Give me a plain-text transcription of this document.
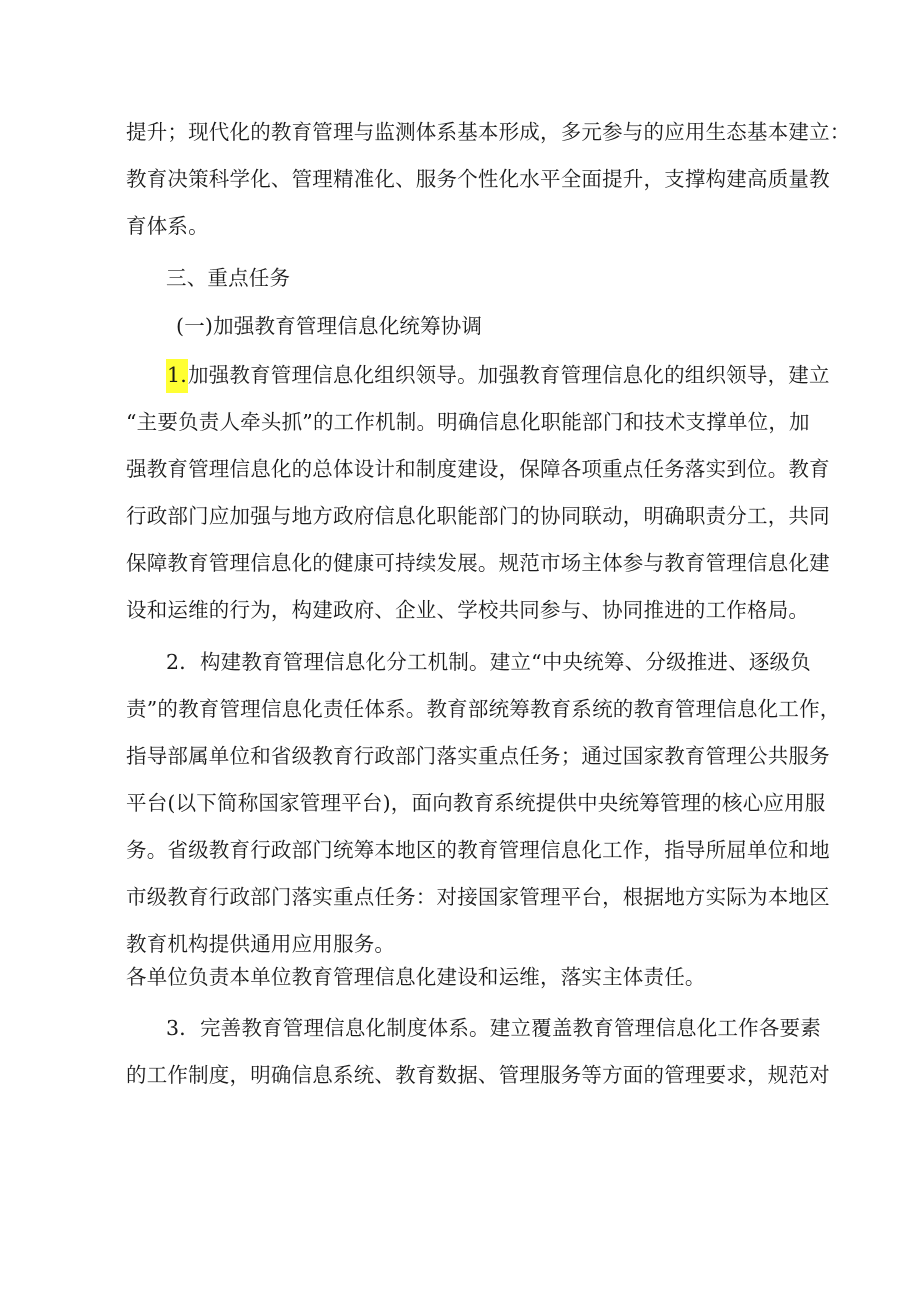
提升；现代化的教育管理与监测体系基本形成，多元参与的应用生态基本建立：
教育决策科学化、管理精准化、服务个性化水平全面提升，支撑构建高质量教
育体系。
三、重点任务
(一)加强教育管理信息化统筹协调
1.加强教育管理信息化组织领导。加强教育管理信息化的组织领导，建立
“主要负责人牵头抓”的工作机制。明确信息化职能部门和技术支撑单位，加
强教育管理信息化的总体设计和制度建设，保障各项重点任务落实到位。教育
行政部门应加强与地方政府信息化职能部门的协同联动，明确职责分工，共同
保障教育管理信息化的健康可持续发展。规范市场主体参与教育管理信息化建
设和运维的行为，构建政府、企业、学校共同参与、协同推进的工作格局。
2．构建教育管理信息化分工机制。建立“中央统筹、分级推进、逐级负
责”的教育管理信息化责任体系。教育部统筹教育系统的教育管理信息化工作，
指导部属单位和省级教育行政部门落实重点任务；通过国家教育管理公共服务
平台(以下简称国家管理平台)，面向教育系统提供中央统筹管理的核心应用服
务。省级教育行政部门统筹本地区的教育管理信息化工作，指导所屈单位和地
市级教育行政部门落实重点任务：对接国家管理平台，根据地方实际为本地区
教育机构提供通用应用服务。
各单位负责本单位教育管理信息化建设和运维，落实主体责任。
3．完善教育管理信息化制度体系。建立覆盖教育管理信息化工作各要素
的工作制度，明确信息系统、教育数据、管理服务等方面的管理要求，规范对
